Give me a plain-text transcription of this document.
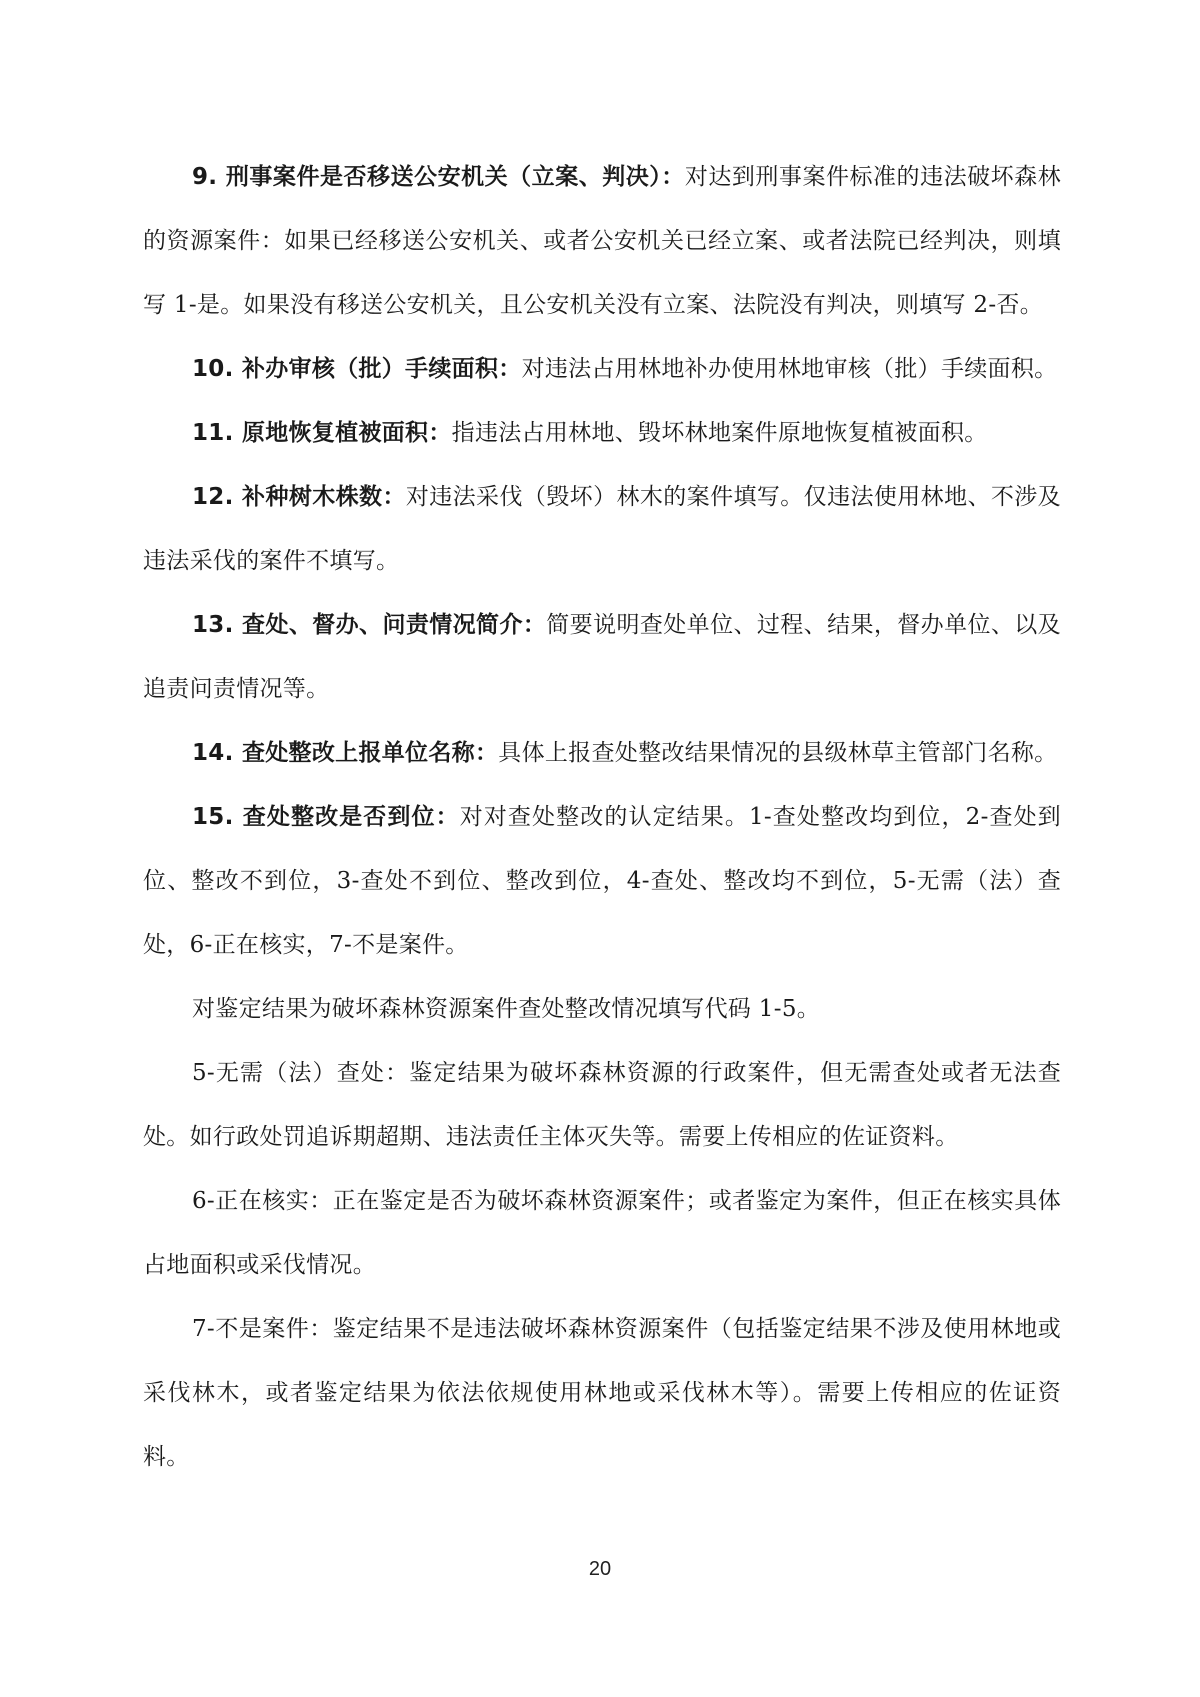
9. 刑事案件是否移送公安机关（立案、判决）：对达到刑事案件标准的违法破坏森林的资源案件：如果已经移送公安机关、或者公安机关已经立案、或者法院已经判决，则填写 1-是。如果没有移送公安机关，且公安机关没有立案、法院没有判决，则填写 2-否。

10. 补办审核（批）手续面积：对违法占用林地补办使用林地审核（批）手续面积。

11. 原地恢复植被面积：指违法占用林地、毁坏林地案件原地恢复植被面积。

12. 补种树木株数：对违法采伐（毁坏）林木的案件填写。仅违法使用林地、不涉及违法采伐的案件不填写。

13. 查处、督办、问责情况简介：简要说明查处单位、过程、结果，督办单位、以及追责问责情况等。

14. 查处整改上报单位名称：具体上报查处整改结果情况的县级林草主管部门名称。

15. 查处整改是否到位：对对查处整改的认定结果。1-查处整改均到位，2-查处到位、整改不到位，3-查处不到位、整改到位，4-查处、整改均不到位，5-无需（法）查处，6-正在核实，7-不是案件。

对鉴定结果为破坏森林资源案件查处整改情况填写代码 1-5。

5-无需（法）查处：鉴定结果为破坏森林资源的行政案件，但无需查处或者无法查处。如行政处罚追诉期超期、违法责任主体灭失等。需要上传相应的佐证资料。

6-正在核实：正在鉴定是否为破坏森林资源案件；或者鉴定为案件，但正在核实具体占地面积或采伐情况。

7-不是案件：鉴定结果不是违法破坏森林资源案件（包括鉴定结果不涉及使用林地或采伐林木，或者鉴定结果为依法依规使用林地或采伐林木等）。需要上传相应的佐证资料。

20
